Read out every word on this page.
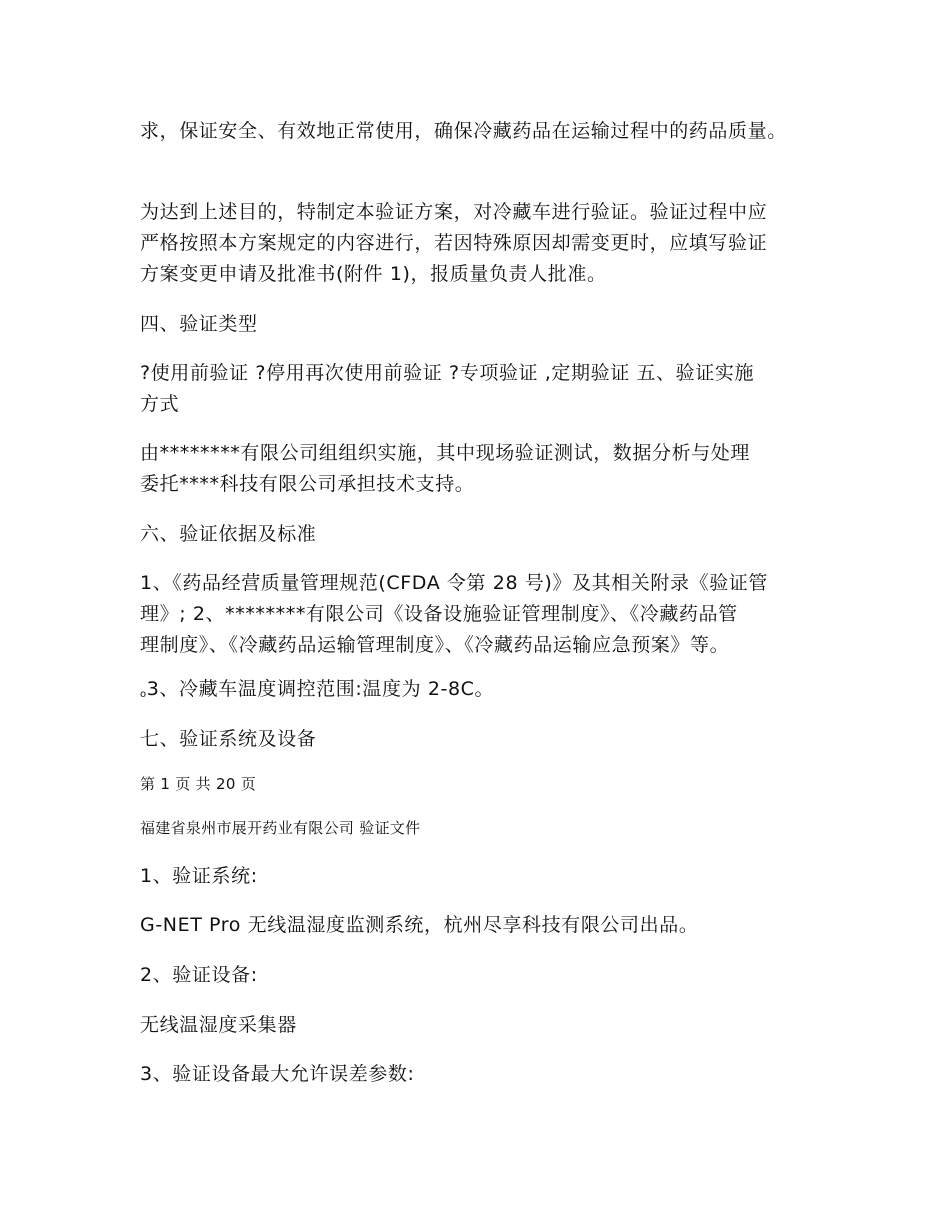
求，保证安全、有效地正常使用，确保冷藏药品在运输过程中的药品质量。

为达到上述目的，特制定本验证方案，对冷藏车进行验证。验证过程中应
严格按照本方案规定的内容进行，若因特殊原因却需变更时，应填写验证
方案变更申请及批准书(附件 1)，报质量负责人批准。

四、验证类型

?使用前验证 ?停用再次使用前验证 ?专项验证 ,定期验证 五、验证实施
方式

由********有限公司组组织实施，其中现场验证测试，数据分析与处理
委托****科技有限公司承担技术支持。

六、验证依据及标准

1、《药品经营质量管理规范(CFDA 令第 28 号)》及其相关附录《验证管
理》; 2、********有限公司《设备设施验证管理制度》、《冷藏药品管
理制度》、《冷藏药品运输管理制度》、《冷藏药品运输应急预案》等。

o3、冷藏车温度调控范围:温度为 2-8C。

七、验证系统及设备

第 1 页 共 20 页

福建省泉州市展开药业有限公司 验证文件

1、验证系统:

G-NET Pro 无线温湿度监测系统，杭州尽享科技有限公司出品。

2、验证设备:

无线温湿度采集器

3、验证设备最大允许误差参数:
